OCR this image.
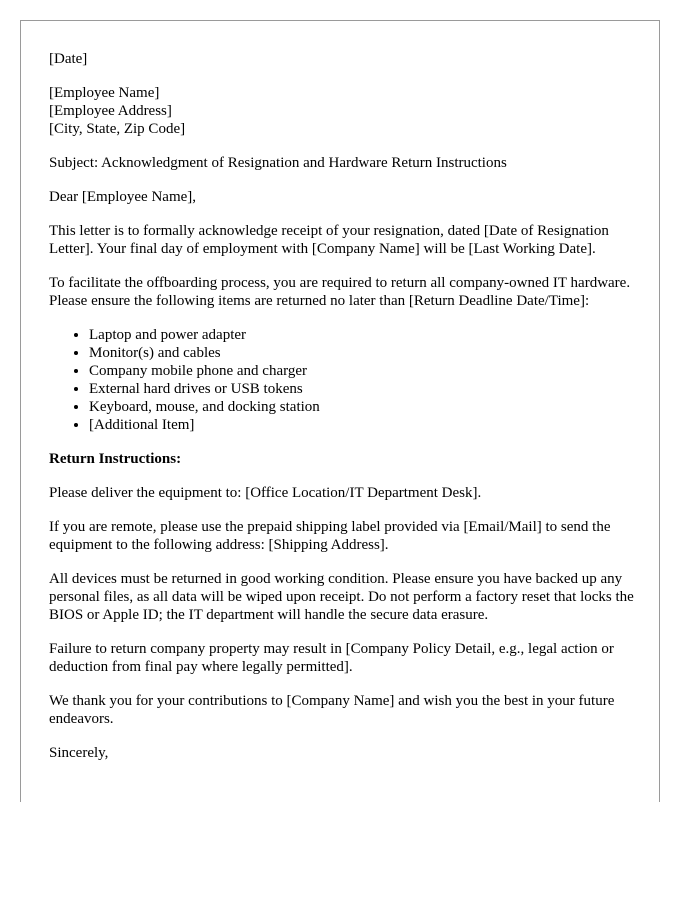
[Date]

[Employee Name]
[Employee Address]
[City, State, Zip Code]

Subject: Acknowledgment of Resignation and Hardware Return Instructions

Dear [Employee Name],

This letter is to formally acknowledge receipt of your resignation, dated [Date of Resignation Letter]. Your final day of employment with [Company Name] will be [Last Working Date].

To facilitate the offboarding process, you are required to return all company-owned IT hardware. Please ensure the following items are returned no later than [Return Deadline Date/Time]:

• Laptop and power adapter
• Monitor(s) and cables
• Company mobile phone and charger
• External hard drives or USB tokens
• Keyboard, mouse, and docking station
• [Additional Item]

Return Instructions:

Please deliver the equipment to: [Office Location/IT Department Desk].

If you are remote, please use the prepaid shipping label provided via [Email/Mail] to send the equipment to the following address: [Shipping Address].

All devices must be returned in good working condition. Please ensure you have backed up any personal files, as all data will be wiped upon receipt. Do not perform a factory reset that locks the BIOS or Apple ID; the IT department will handle the secure data erasure.

Failure to return company property may result in [Company Policy Detail, e.g., legal action or deduction from final pay where legally permitted].

We thank you for your contributions to [Company Name] and wish you the best in your future endeavors.

Sincerely,
